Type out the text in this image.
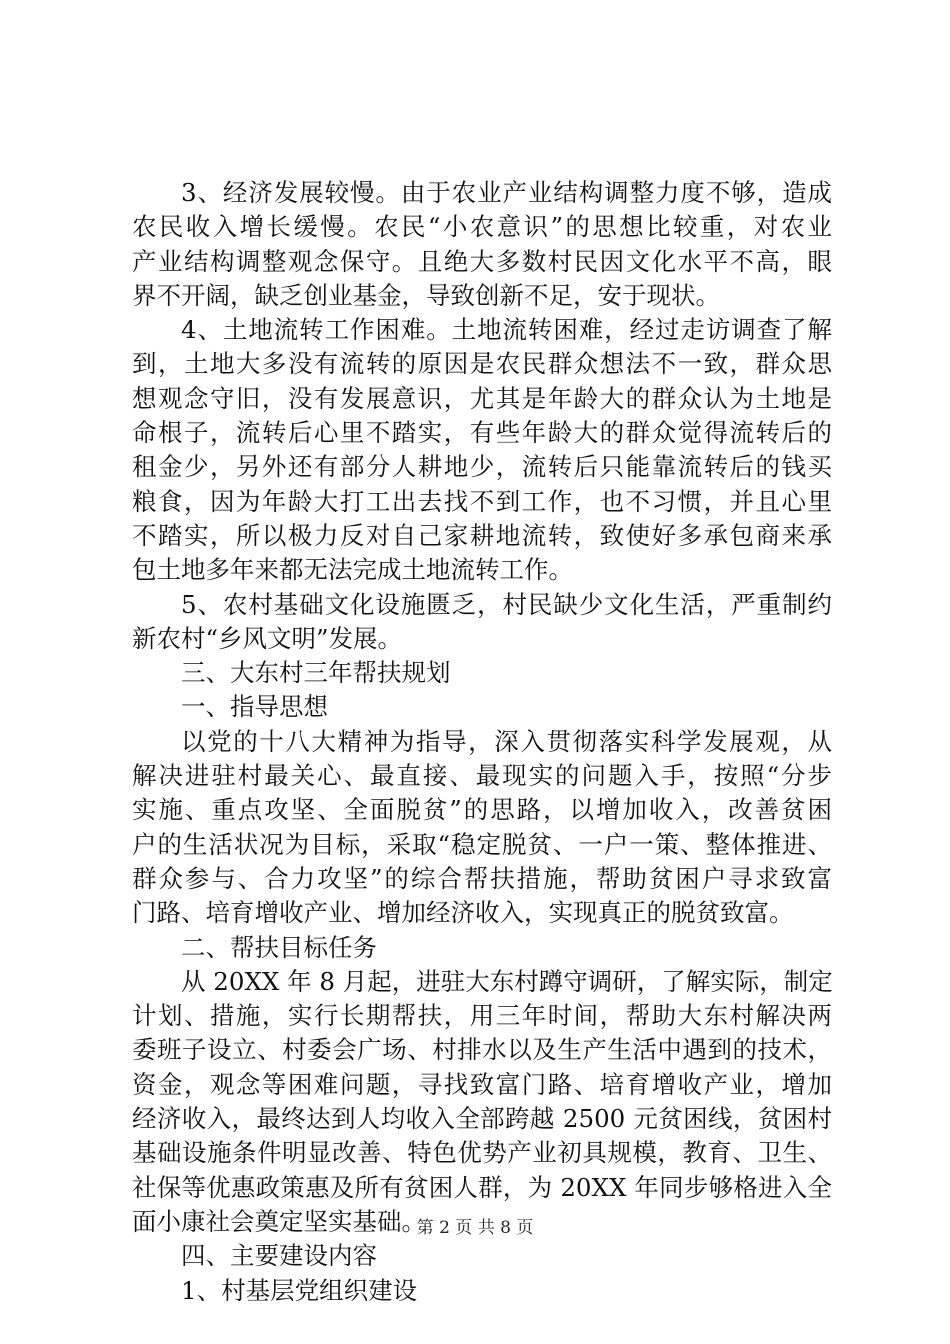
3、经济发展较慢。由于农业产业结构调整力度不够，造成
农民收入增长缓慢。农民“小农意识”的思想比较重，对农业
产业结构调整观念保守。且绝大多数村民因文化水平不高，眼
界不开阔，缺乏创业基金，导致创新不足，安于现状。
4、土地流转工作困难。土地流转困难，经过走访调查了解
到，土地大多没有流转的原因是农民群众想法不一致，群众思
想观念守旧，没有发展意识，尤其是年龄大的群众认为土地是
命根子，流转后心里不踏实，有些年龄大的群众觉得流转后的
租金少，另外还有部分人耕地少，流转后只能靠流转后的钱买
粮食，因为年龄大打工出去找不到工作，也不习惯，并且心里
不踏实，所以极力反对自己家耕地流转，致使好多承包商来承
包土地多年来都无法完成土地流转工作。
5、农村基础文化设施匮乏，村民缺少文化生活，严重制约
新农村“乡风文明”发展。
三、大东村三年帮扶规划
一、指导思想
以党的十八大精神为指导，深入贯彻落实科学发展观，从
解决进驻村最关心、最直接、最现实的问题入手，按照“分步
实施、重点攻坚、全面脱贫”的思路，以增加收入，改善贫困
户的生活状况为目标，采取“稳定脱贫、一户一策、整体推进、
群众参与、合力攻坚”的综合帮扶措施，帮助贫困户寻求致富
门路、培育增收产业、增加经济收入，实现真正的脱贫致富。
二、帮扶目标任务
从 20XX 年 8 月起，进驻大东村蹲守调研，了解实际，制定
计划、措施，实行长期帮扶，用三年时间，帮助大东村解决两
委班子设立、村委会广场、村排水以及生产生活中遇到的技术，
资金，观念等困难问题，寻找致富门路、培育增收产业，增加
经济收入，最终达到人均收入全部跨越 2500 元贫困线，贫困村
基础设施条件明显改善、特色优势产业初具规模，教育、卫生、
社保等优惠政策惠及所有贫困人群，为 20XX 年同步够格进入全
面小康社会奠定坚实基础。
四、主要建设内容
1、村基层党组织建设
第 2 页 共 8 页
